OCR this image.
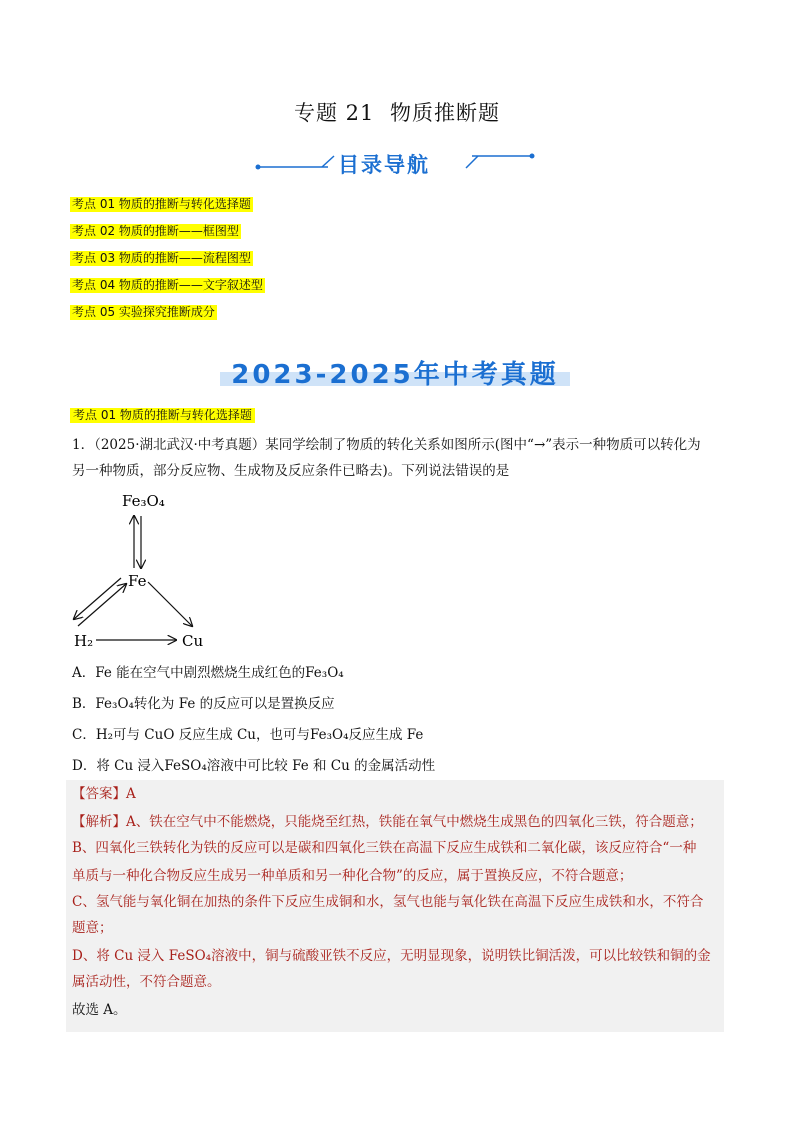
专题 21 物质推断题
目录导航
考点 01 物质的推断与转化选择题
考点 02 物质的推断——框图型
考点 03 物质的推断——流程图型
考点 04 物质的推断——文字叙述型
考点 05 实验探究推断成分
2023-2025年中考真题
考点 01 物质的推断与转化选择题
1．（2025·湖北武汉·中考真题）某同学绘制了物质的转化关系如图所示(图中“→”表示一种物质可以转化为
另一种物质，部分反应物、生成物及反应条件已略去)。下列说法错误的是
Fe₃O₄
Fe
H₂	Cu
A．Fe 能在空气中剧烈燃烧生成红色的Fe₃O₄
B．Fe₃O₄转化为 Fe 的反应可以是置换反应
C．H₂可与 CuO 反应生成 Cu，也可与Fe₃O₄反应生成 Fe
D．将 Cu 浸入FeSO₄溶液中可比较 Fe 和 Cu 的金属活动性
【答案】A
【解析】A、铁在空气中不能燃烧，只能烧至红热，铁能在氧气中燃烧生成黑色的四氧化三铁，符合题意；
B、四氧化三铁转化为铁的反应可以是碳和四氧化三铁在高温下反应生成铁和二氧化碳，该反应符合“一种
单质与一种化合物反应生成另一种单质和另一种化合物”的反应，属于置换反应，不符合题意；
C、氢气能与氧化铜在加热的条件下反应生成铜和水，氢气也能与氧化铁在高温下反应生成铁和水，不符合
题意；
D、将 Cu 浸入 FeSO₄溶液中，铜与硫酸亚铁不反应，无明显现象，说明铁比铜活泼，可以比较铁和铜的金
属活动性，不符合题意。
故选 A。
